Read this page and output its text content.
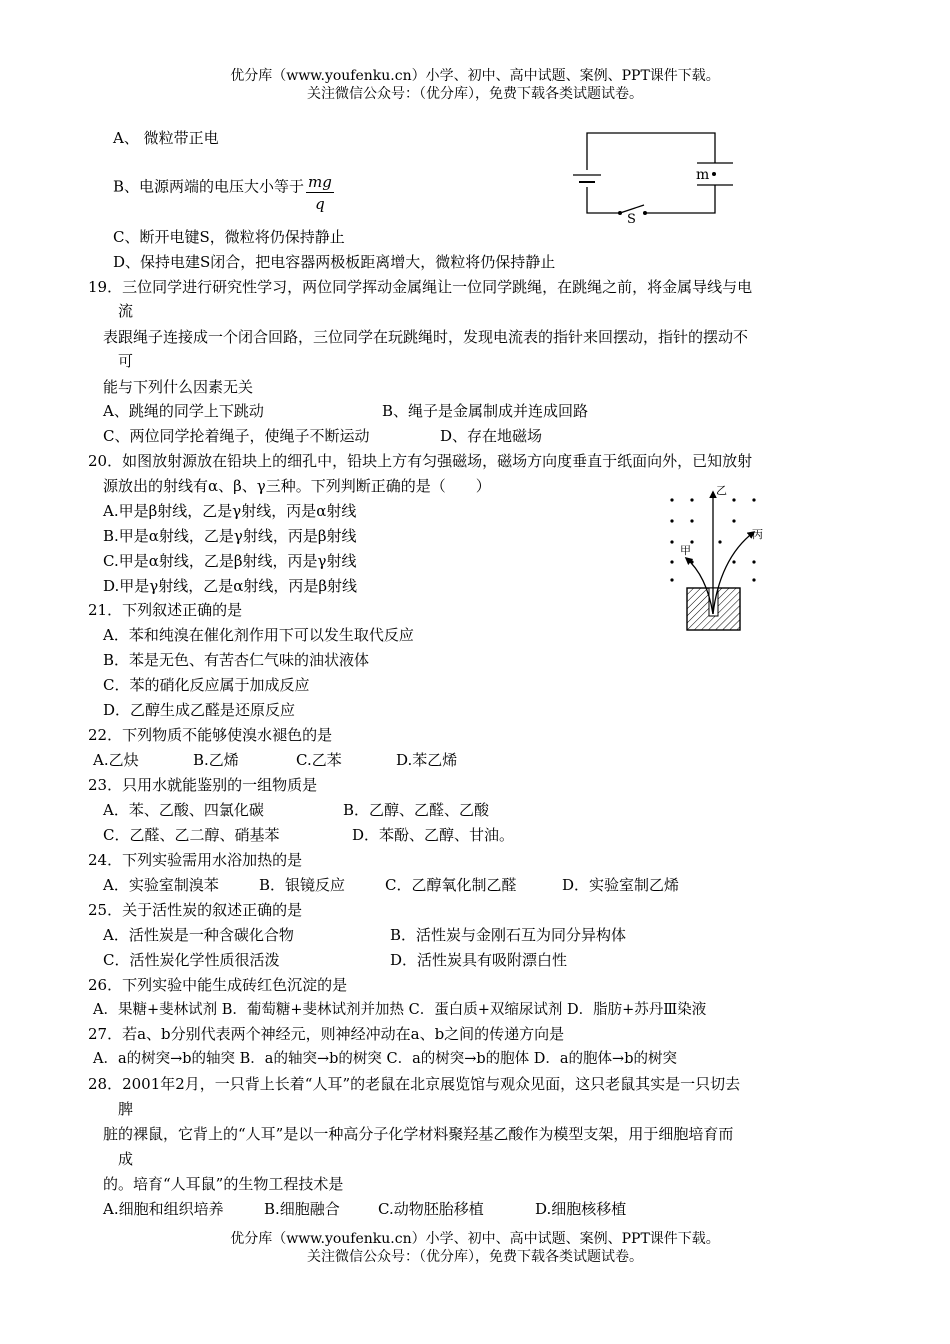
优分库（www.youfenku.cn）小学、初中、高中试题、案例、PPT课件下载。
关注微信公众号：（优分库），免费下载各类试题试卷。
A、 微粒带正电
B、电源两端的电压大小等于 $\frac{mg}{q}$
C、断开电键S，微粒将仍保持静止
D、保持电建S闭合，把电容器两极板距离增大，微粒将仍保持静止
m
S
19．三位同学进行研究性学习，两位同学挥动金属绳让一位同学跳绳，在跳绳之前，将金属导线与电
流
表跟绳子连接成一个闭合回路，三位同学在玩跳绳时，发现电流表的指针来回摆动，指针的摆动不
可
能与下列什么因素无关
A、跳绳的同学上下跳动	B、绳子是金属制成并连成回路
C、两位同学抡着绳子，使绳子不断运动	D、存在地磁场
20．如图放射源放在铅块上的细孔中，铅块上方有匀强磁场，磁场方向度垂直于纸面向外，已知放射
源放出的射线有α、β、γ三种。下列判断正确的是（　　）
A.甲是β射线，乙是γ射线，丙是α射线
B.甲是α射线，乙是γ射线，丙是β射线
C.甲是α射线，乙是β射线，丙是γ射线
D.甲是γ射线，乙是α射线，丙是β射线
甲
乙
丙
21．下列叙述正确的是
A．苯和纯溴在催化剂作用下可以发生取代反应
B．苯是无色、有苦杏仁气味的油状液体
C．苯的硝化反应属于加成反应
D．乙醇生成乙醛是还原反应
22．下列物质不能够使溴水褪色的是
A.乙炔	B.乙烯	C.乙苯	D.苯乙烯
23．只用水就能鉴别的一组物质是
A．苯、乙酸、四氯化碳	B．乙醇、乙醛、乙酸
C．乙醛、乙二醇、硝基苯	D．苯酚、乙醇、甘油。
24．下列实验需用水浴加热的是
A．实验室制溴苯	B．银镜反应	C．乙醇氧化制乙醛	D．实验室制乙烯
25．关于活性炭的叙述正确的是
A．活性炭是一种含碳化合物	B．活性炭与金刚石互为同分异构体
C．活性炭化学性质很活泼	D．活性炭具有吸附漂白性
26．下列实验中能生成砖红色沉淀的是
A．果糖+斐林试剂 B．葡萄糖+斐林试剂并加热 C．蛋白质+双缩尿试剂 D．脂肪+苏丹Ⅲ染液
27．若a、b分别代表两个神经元，则神经冲动在a、b之间的传递方向是
A．a的树突→b的轴突 B．a的轴突→b的树突 C．a的树突→b的胞体 D．a的胞体→b的树突
28．2001年2月，一只背上长着“人耳”的老鼠在北京展览馆与观众见面，这只老鼠其实是一只切去
脾
脏的裸鼠，它背上的“人耳”是以一种高分子化学材料聚羟基乙酸作为模型支架，用于细胞培育而
成
的。培育“人耳鼠”的生物工程技术是
A.细胞和组织培养	B.细胞融合	C.动物胚胎移植	D.细胞核移植
优分库（www.youfenku.cn）小学、初中、高中试题、案例、PPT课件下载。
关注微信公众号：（优分库），免费下载各类试题试卷。
